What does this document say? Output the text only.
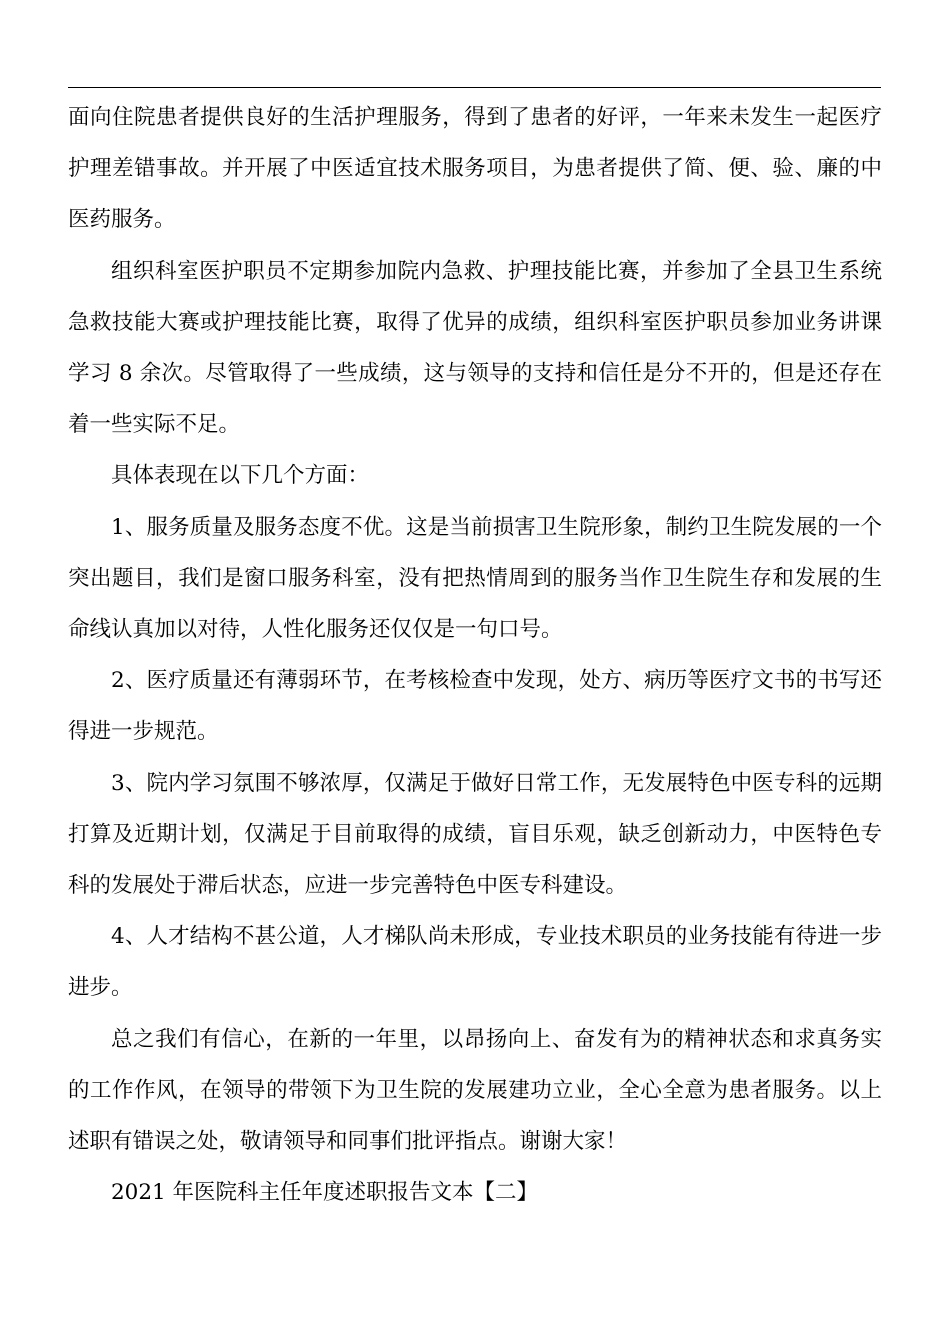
面向住院患者提供良好的生活护理服务，得到了患者的好评，一年来未发生一起医疗护理差错事故。并开展了中医适宜技术服务项目，为患者提供了简、便、验、廉的中医药服务。

组织科室医护职员不定期参加院内急救、护理技能比赛，并参加了全县卫生系统急救技能大赛或护理技能比赛，取得了优异的成绩，组织科室医护职员参加业务讲课学习 8 余次。尽管取得了一些成绩，这与领导的支持和信任是分不开的，但是还存在着一些实际不足。

具体表现在以下几个方面：

1、服务质量及服务态度不优。这是当前损害卫生院形象，制约卫生院发展的一个突出题目，我们是窗口服务科室，没有把热情周到的服务当作卫生院生存和发展的生命线认真加以对待，人性化服务还仅仅是一句口号。

2、医疗质量还有薄弱环节，在考核检查中发现，处方、病历等医疗文书的书写还得进一步规范。

3、院内学习氛围不够浓厚，仅满足于做好日常工作，无发展特色中医专科的远期打算及近期计划，仅满足于目前取得的成绩，盲目乐观，缺乏创新动力，中医特色专科的发展处于滞后状态，应进一步完善特色中医专科建设。

4、人才结构不甚公道，人才梯队尚未形成，专业技术职员的业务技能有待进一步进步。

总之我们有信心，在新的一年里，以昂扬向上、奋发有为的精神状态和求真务实的工作作风，在领导的带领下为卫生院的发展建功立业，全心全意为患者服务。以上述职有错误之处，敬请领导和同事们批评指点。谢谢大家！

2021 年医院科主任年度述职报告文本【二】
